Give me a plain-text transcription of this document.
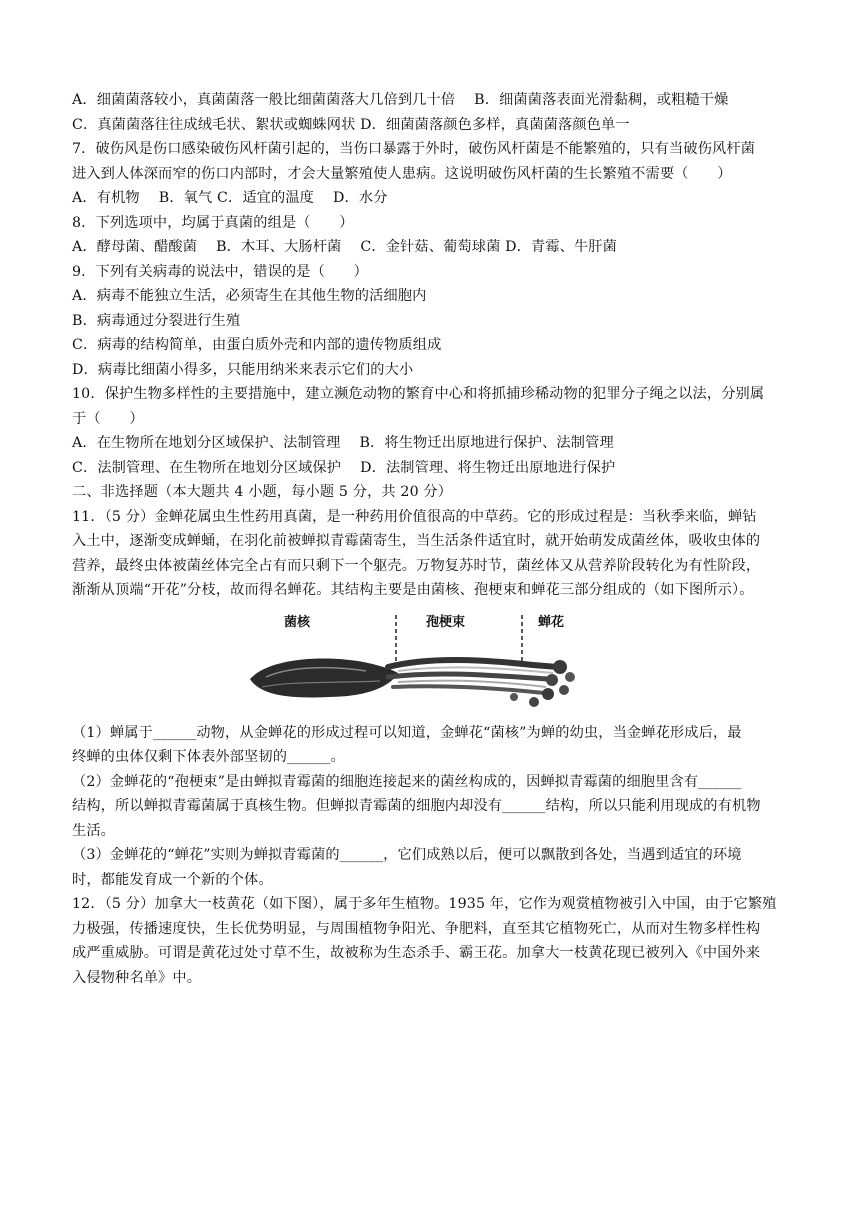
A．细菌菌落较小，真菌菌落一般比细菌菌落大几倍到几十倍　 B．细菌菌落表面光滑黏稠，或粗糙干燥

C．真菌菌落往往成绒毛状、絮状或蜘蛛网状 D．细菌菌落颜色多样，真菌菌落颜色单一

7．破伤风是伤口感染破伤风杆菌引起的，当伤口暴露于外时，破伤风杆菌是不能繁殖的，只有当破伤风杆菌

进入到人体深而窄的伤口内部时，才会大量繁殖使人患病。这说明破伤风杆菌的生长繁殖不需要（　　）

A．有机物　 B．氧气 C．适宜的温度　 D．水分

8．下列选项中，均属于真菌的组是（　　）

A．酵母菌、醋酸菌　 B．木耳、大肠杆菌　 C．金针菇、葡萄球菌 D．青霉、牛肝菌

9．下列有关病毒的说法中，错误的是（　　）

A．病毒不能独立生活，必须寄生在其他生物的活细胞内

B．病毒通过分裂进行生殖

C．病毒的结构简单，由蛋白质外壳和内部的遗传物质组成

D．病毒比细菌小得多，只能用纳米来表示它们的大小

10．保护生物多样性的主要措施中，建立濒危动物的繁育中心和将抓捕珍稀动物的犯罪分子绳之以法，分别属

于（　　）

A．在生物所在地划分区域保护、法制管理　 B．将生物迁出原地进行保护、法制管理

C．法制管理、在生物所在地划分区域保护　 D．法制管理、将生物迁出原地进行保护

二、非选择题（本大题共 4 小题，每小题 5 分，共 20 分）

11．（5 分）金蝉花属虫生性药用真菌，是一种药用价值很高的中草药。它的形成过程是：当秋季来临，蝉钻

入土中，逐渐变成蝉蛹，在羽化前被蝉拟青霉菌寄生，当生活条件适宜时，就开始萌发成菌丝体，吸收虫体的

营养，最终虫体被菌丝体完全占有而只剩下一个躯壳。万物复苏时节，菌丝体又从营养阶段转化为有性阶段，

渐渐从顶端“开花”分枝，故而得名蝉花。其结构主要是由菌核、孢梗束和蝉花三部分组成的（如下图所示）。

菌核	孢梗束	蝉花

（1）蝉属于______动物，从金蝉花的形成过程可以知道，金蝉花“菌核”为蝉的幼虫，当金蝉花形成后，最

终蝉的虫体仅剩下体表外部坚韧的______。

（2）金蝉花的“孢梗束”是由蝉拟青霉菌的细胞连接起来的菌丝构成的，因蝉拟青霉菌的细胞里含有______

结构，所以蝉拟青霉菌属于真核生物。但蝉拟青霉菌的细胞内却没有______结构，所以只能利用现成的有机物

生活。

（3）金蝉花的“蝉花”实则为蝉拟青霉菌的______，它们成熟以后，便可以飘散到各处，当遇到适宜的环境

时，都能发育成一个新的个体。

12．（5 分）加拿大一枝黄花（如下图），属于多年生植物。1935 年，它作为观赏植物被引入中国，由于它繁殖

力极强，传播速度快，生长优势明显，与周围植物争阳光、争肥料，直至其它植物死亡，从而对生物多样性构

成严重威胁。可谓是黄花过处寸草不生，故被称为生态杀手、霸王花。加拿大一枝黄花现已被列入《中国外来

入侵物种名单》中。
